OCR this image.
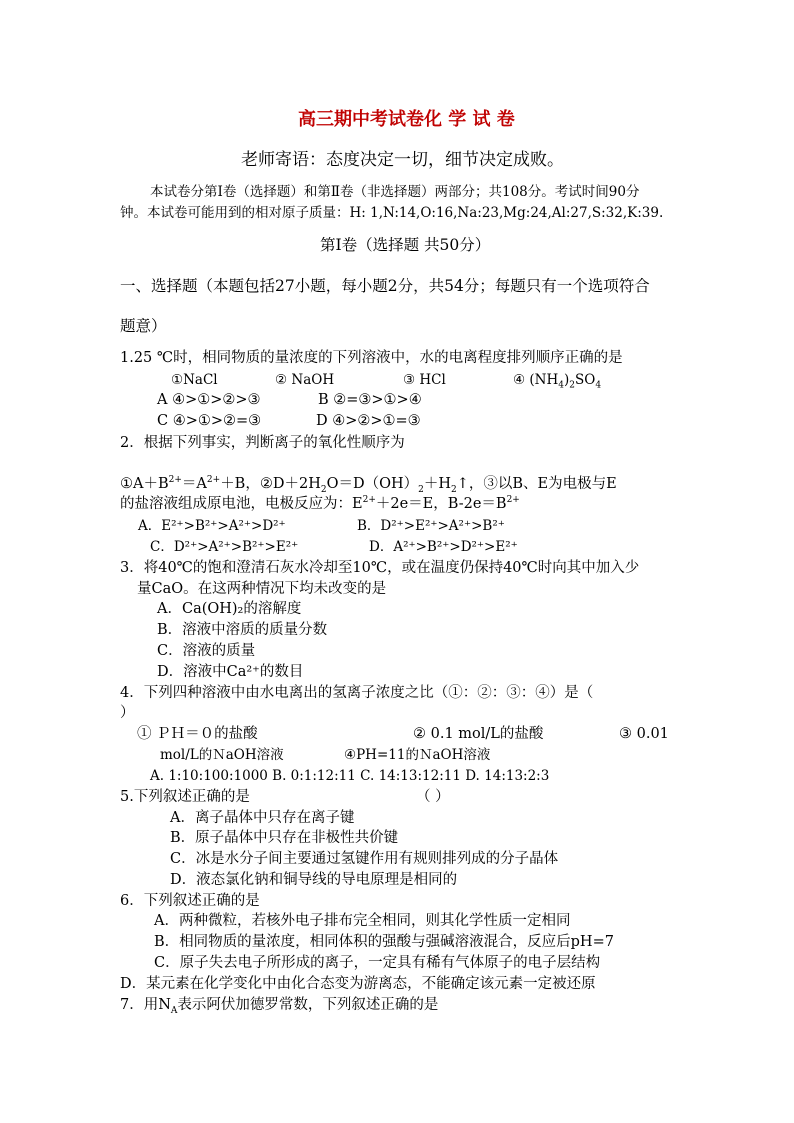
高三期中考试卷化 学 试 卷
老师寄语：态度决定一切，细节决定成败。
本试卷分第Ⅰ卷（选择题）和第Ⅱ卷（非选择题）两部分；共108分。考试时间90分
钟。本试卷可能用到的相对原子质量：H: 1,N:14,O:16,Na:23,Mg:24,Al:27,S:32,K:39.
第Ⅰ卷（选择题 共50分）
一、选择题（本题包括27小题，每小题2分，共54分；每题只有一个选项符合
题意）
1.25 ℃时，相同物质的量浓度的下列溶液中，水的电离程度排列顺序正确的是
①NaCl	② NaOH	③ HCl	④ $(NH_4)_2SO_4$
A ④>①>②>③	B ②=③>①>④
C ④>①>②=③	D ④>②>①=③
2．根据下列事实，判断离子的氧化性顺序为
$①A+B^{2+}=A^{2+}+B$，$②D+2H_2O=D(OH)_2+H_2↑$，③以B、E为电极与E
的盐溶液组成原电池，电极反应为：$E^{2+}+2e=E$，$B-2e=B^{2+}$
A．E²⁺>B²⁺>A²⁺>D²⁺	B．D²⁺>E²⁺>A²⁺>B²⁺
C．D²⁺>A²⁺>B²⁺>E²⁺	D．A²⁺>B²⁺>D²⁺>E²⁺
3．将40℃的饱和澄清石灰水冷却至10℃，或在温度仍保持40℃时向其中加入少
量CaO。在这两种情况下均未改变的是
A．Ca(OH)₂的溶解度
B．溶液中溶质的质量分数
C．溶液的质量
D．溶液中Ca²⁺的数目
4．下列四种溶液中由水电离出的氢离子浓度之比（①：②：③：④）是（
）
① ＰＨ＝０的盐酸	② 0.1 mol/L的盐酸	③ 0.01
mol/L的ＮaOH溶液	④PH=11的ＮaOH溶液
A. 1:10:100:1000 B. 0:1:12:11 C. 14:13:12:11 D. 14:13:2:3
5.下列叙述正确的是	（ ）
A．离子晶体中只存在离子键
B．原子晶体中只存在非极性共价键
C．冰是水分子间主要通过氢键作用有规则排列成的分子晶体
D．液态氯化钠和铜导线的导电原理是相同的
6．下列叙述正确的是
A．两种微粒，若核外电子排布完全相同，则其化学性质一定相同
B．相同物质的量浓度，相同体积的强酸与强碱溶液混合，反应后pH=7
C．原子失去电子所形成的离子，一定具有稀有气体原子的电子层结构
D．某元素在化学变化中由化合态变为游离态，不能确定该元素一定被还原
7．用$N_A$表示阿伏加德罗常数，下列叙述正确的是
